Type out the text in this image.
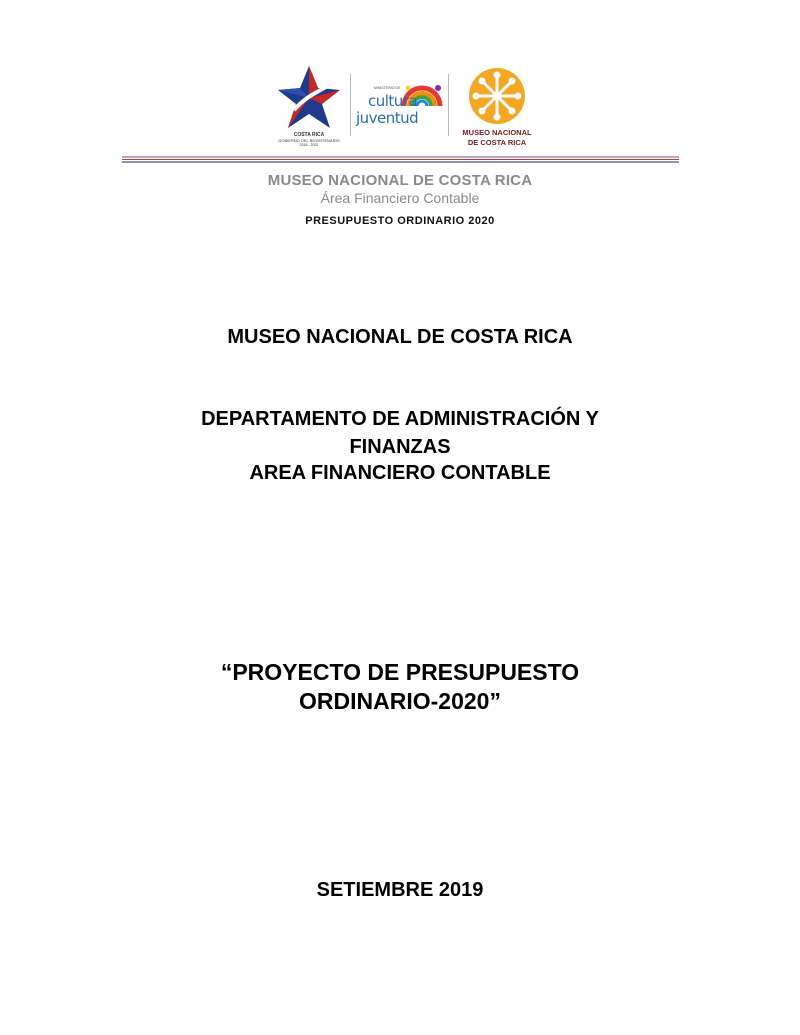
COSTA RICA
GOBIERNO DEL BICENTENARIO
2018 - 2022
MINISTERIO DE
cultura
juventud
MUSEO NACIONAL
DE COSTA RICA
MUSEO NACIONAL DE COSTA RICA
Área Financiero Contable
PRESUPUESTO ORDINARIO 2020
MUSEO NACIONAL DE COSTA RICA
DEPARTAMENTO DE ADMINISTRACIÓN Y
FINANZAS
AREA FINANCIERO CONTABLE
“PROYECTO DE PRESUPUESTO
ORDINARIO-2020”
SETIEMBRE 2019
